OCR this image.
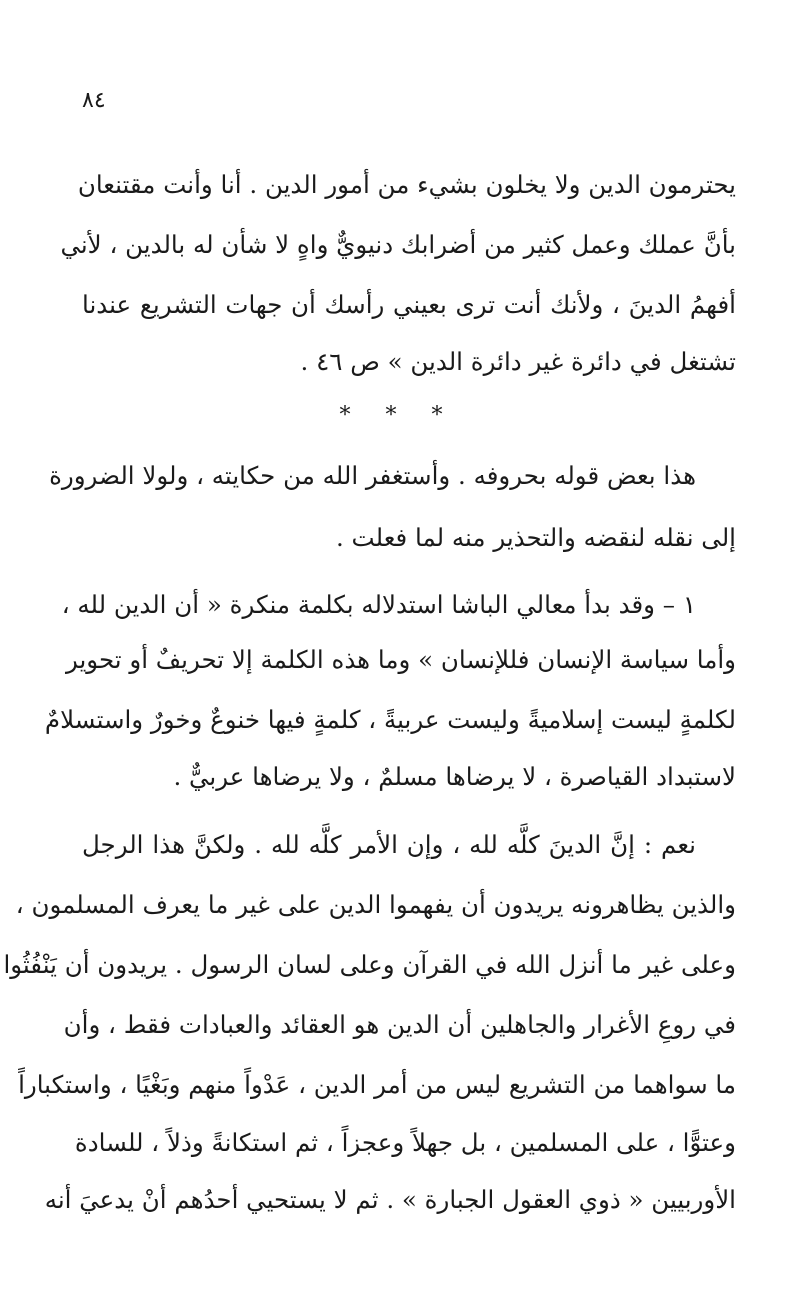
٨٤
يحترمون الدين ولا يخلون بشيء من أمور الدين . أنا وأنت مقتنعان
بأنَّ عملك وعمل كثير من أضرابك دنيويٌّ واهٍ لا شأن له بالدين ، لأني
أفهمُ الدينَ ، ولأنك أنت ترى بعيني رأسك أن جهات التشريع عندنا
تشتغل في دائرة غير دائرة الدين » ص ٤٦ .
* * *
هذا بعض قوله بحروفه . وأستغفر الله من حكايته ، ولولا الضرورة
إلى نقله لنقضه والتحذير منه لما فعلت .
١ – وقد بدأ معالي الباشا استدلاله بكلمة منكرة « أن الدين لله ،
وأما سياسة الإنسان فللإنسان » وما هذه الكلمة إلا تحريفٌ أو تحوير
لكلمةٍ ليست إسلاميةً وليست عربيةً ، كلمةٍ فيها خنوعٌ وخورٌ واستسلامٌ
لاستبداد القياصرة ، لا يرضاها مسلمٌ ، ولا يرضاها عربيٌّ .
نعم : إنَّ الدينَ كلَّه لله ، وإن الأمر كلَّه لله . ولكنَّ هذا الرجل
والذين يظاهرونه يريدون أن يفهموا الدين على غير ما يعرف المسلمون ،
وعلى غير ما أنزل الله في القرآن وعلى لسان الرسول . يريدون أن يَنْفُثُوا
في روعِ الأغرار والجاهلين أن الدين هو العقائد والعبادات فقط ، وأن
ما سواهما من التشريع ليس من أمر الدين ، عَدْواً منهم وبَغْيًا ، واستكباراً
وعتوًّا ، على المسلمين ، بل جهلاً وعجزاً ، ثم استكانةً وذلاً ، للسادة
الأوربيين « ذوي العقول الجبارة » . ثم لا يستحيي أحدُهم أنْ يدعيَ أنه
